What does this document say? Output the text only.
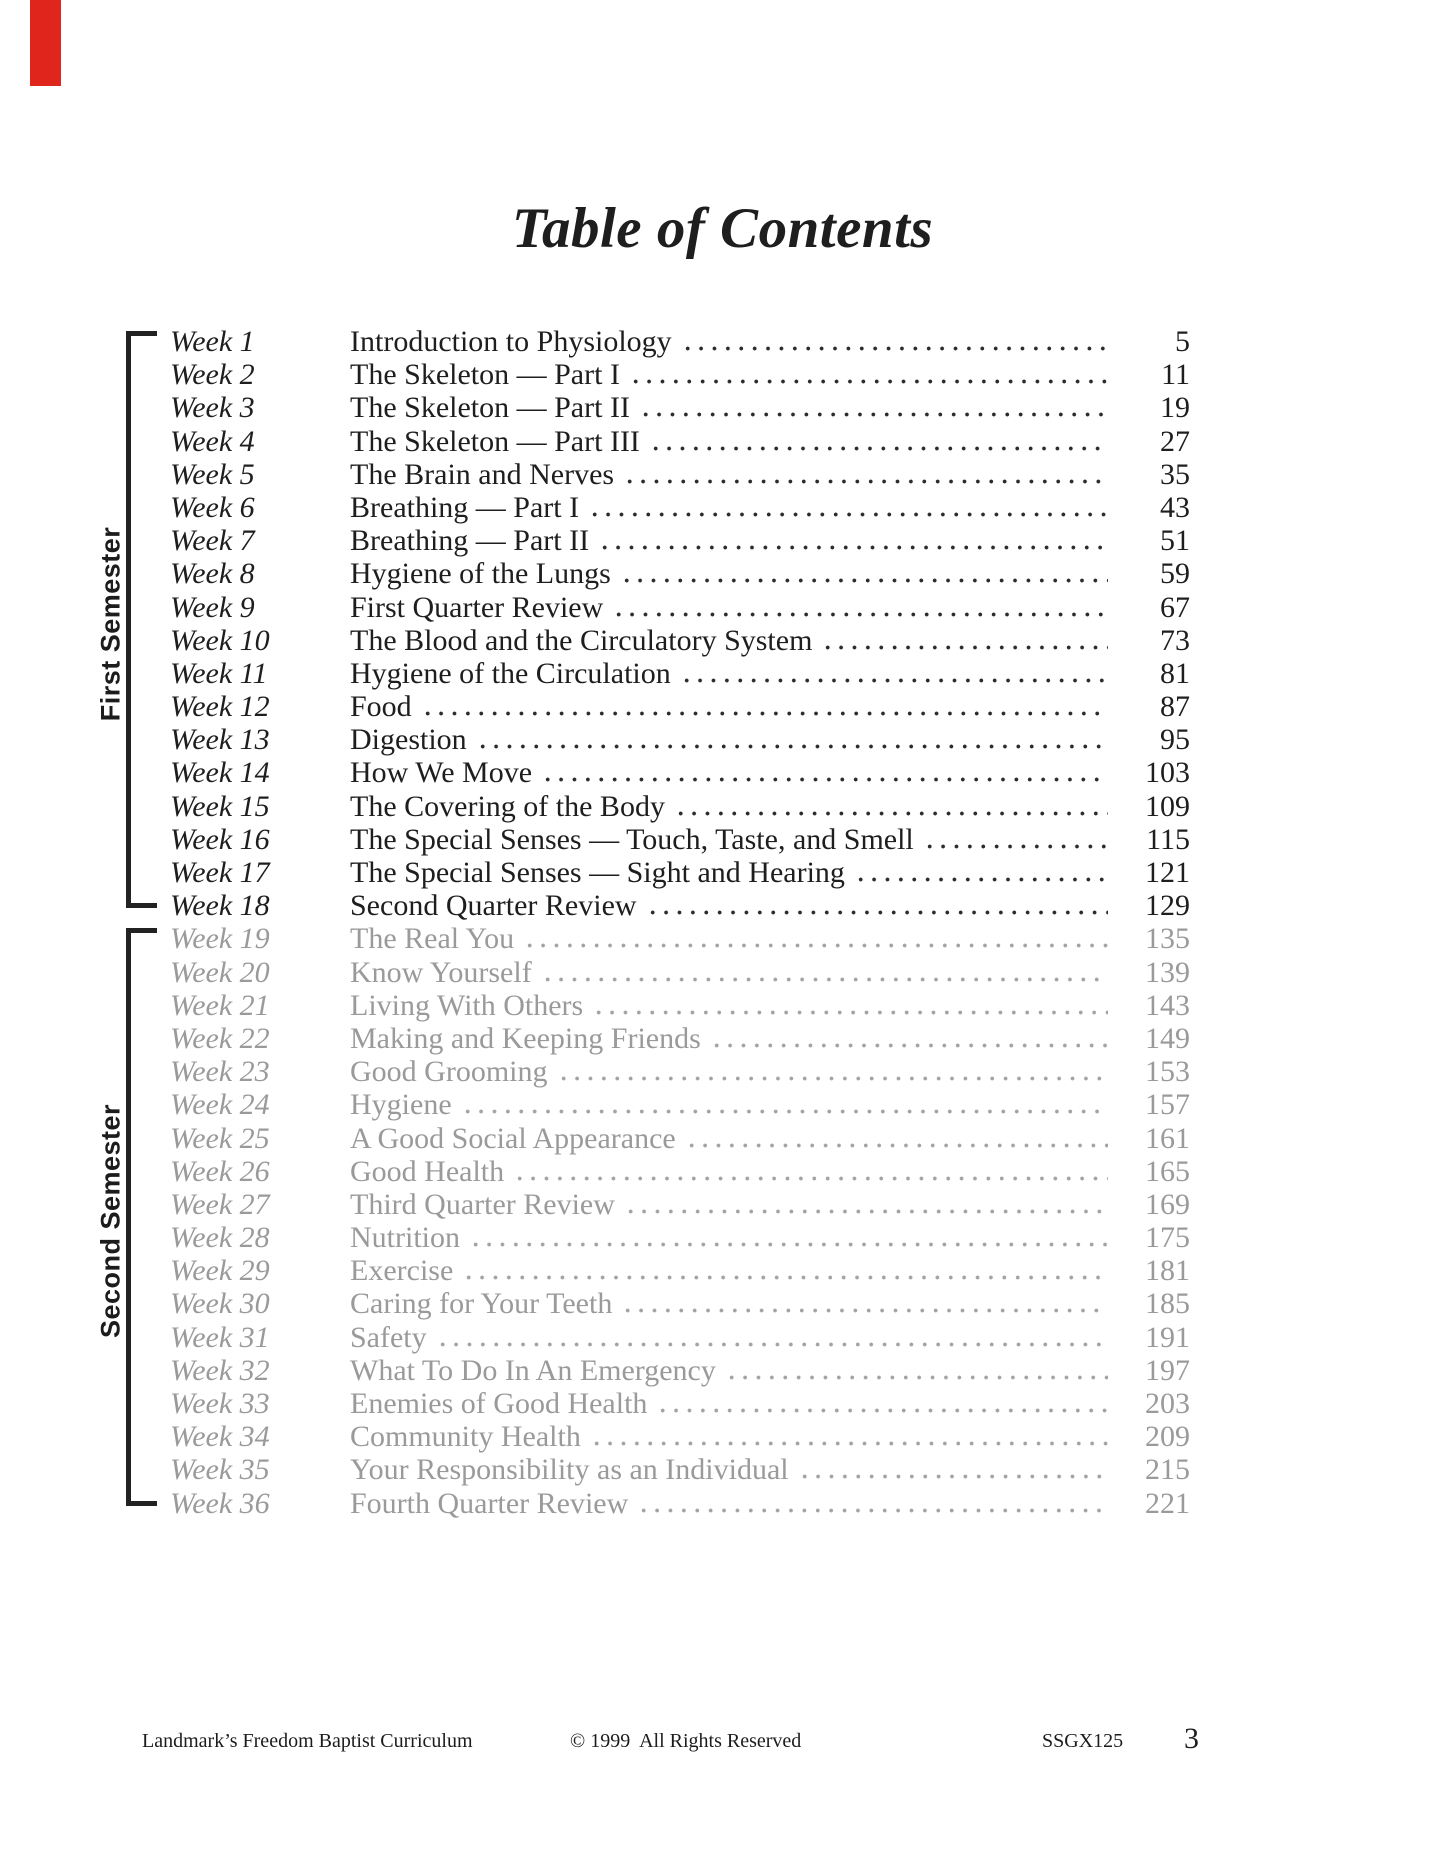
Table of Contents
First Semester
Week 1	Introduction to Physiology	5
Week 2	The Skeleton — Part I	11
Week 3	The Skeleton — Part II	19
Week 4	The Skeleton — Part III	27
Week 5	The Brain and Nerves	35
Week 6	Breathing — Part I	43
Week 7	Breathing — Part II	51
Week 8	Hygiene of the Lungs	59
Week 9	First Quarter Review	67
Week 10	The Blood and the Circulatory System	73
Week 11	Hygiene of the Circulation	81
Week 12	Food	87
Week 13	Digestion	95
Week 14	How We Move	103
Week 15	The Covering of the Body	109
Week 16	The Special Senses — Touch, Taste, and Smell	115
Week 17	The Special Senses — Sight and Hearing	121
Week 18	Second Quarter Review	129
Second Semester
Week 19	The Real You	135
Week 20	Know Yourself	139
Week 21	Living With Others	143
Week 22	Making and Keeping Friends	149
Week 23	Good Grooming	153
Week 24	Hygiene	157
Week 25	A Good Social Appearance	161
Week 26	Good Health	165
Week 27	Third Quarter Review	169
Week 28	Nutrition	175
Week 29	Exercise	181
Week 30	Caring for Your Teeth	185
Week 31	Safety	191
Week 32	What To Do In An Emergency	197
Week 33	Enemies of Good Health	203
Week 34	Community Health	209
Week 35	Your Responsibility as an Individual	215
Week 36	Fourth Quarter Review	221
Landmark’s Freedom Baptist Curriculum	© 1999  All Rights Reserved	SSGX125 3
